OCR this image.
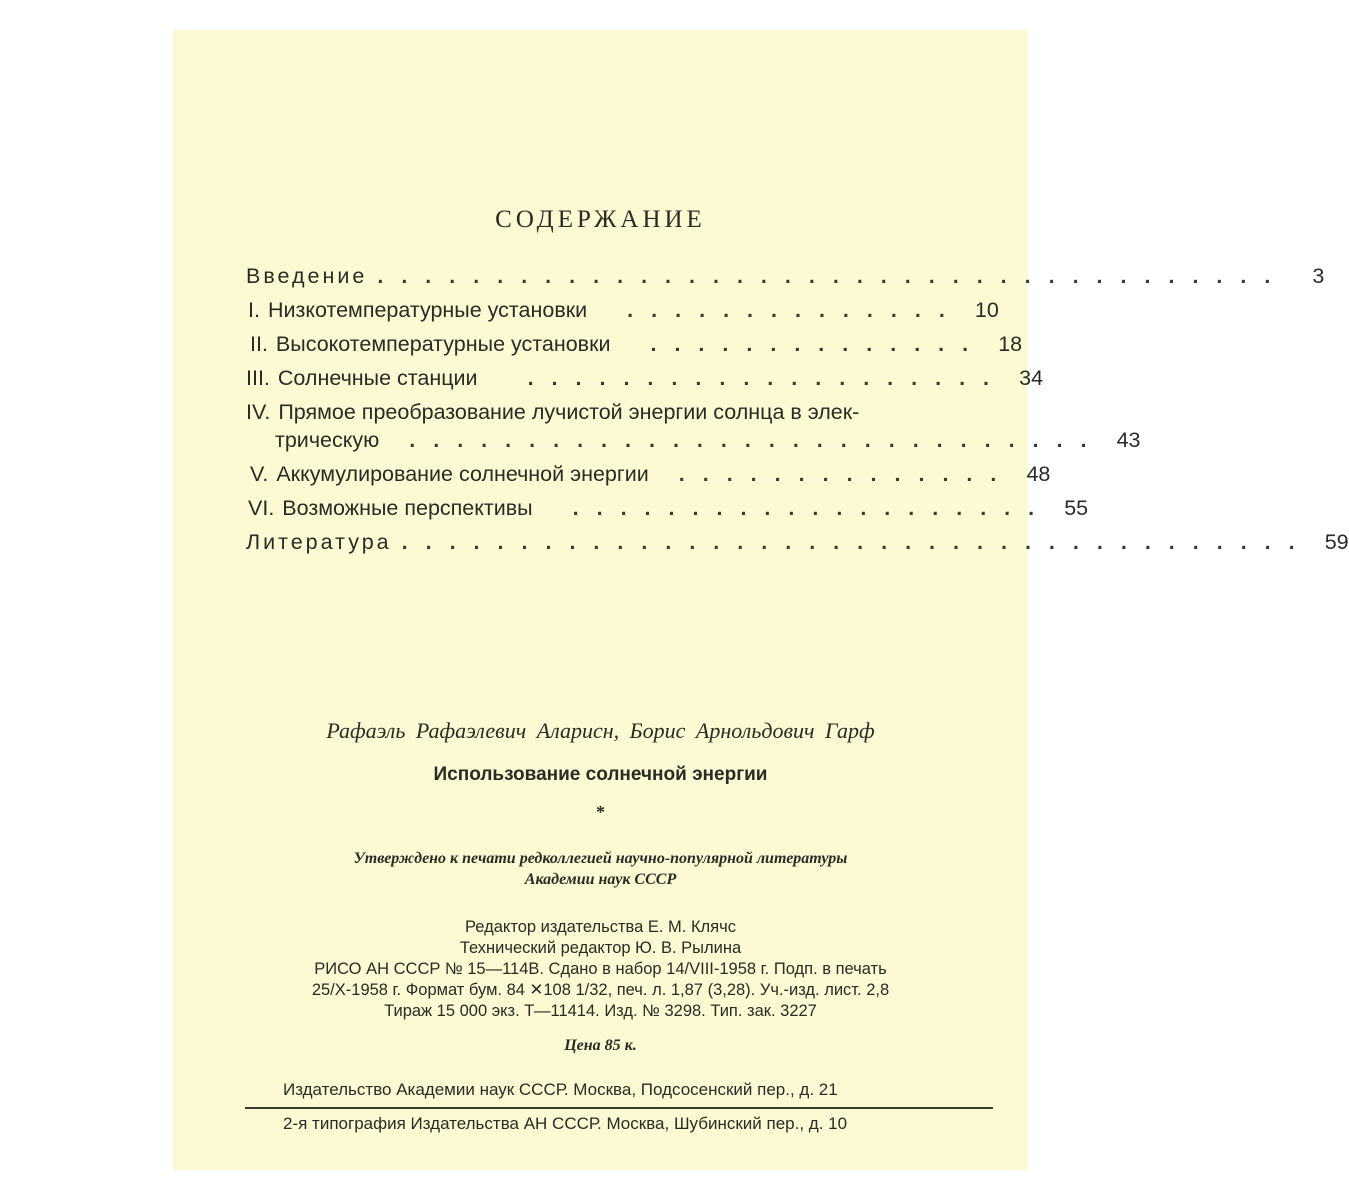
СОДЕРЖАНИЕ
Введение ......................................	3
I. Низкотемпературные установки .............. 10
II. Высокотемпературные установки .............. 18
III. Солнечные станции .................... 34
IV. Прямое преобразование лучистой энергии солнца в элек-
трическую ............................. 43
V. Аккумулирование солнечной энергии .............. 48
VI. Возможные перспективы .................... 55
Литература ...................................... 59
Рафаэль Рафаэлевич Аларисн, Борис Арнольдович Гарф
Использование солнечной энергии
*
Утверждено к печати редколлегией научно-популярной литературы
Академии наук СССР
Редактор издательства Е. М. Клячс
Технический редактор Ю. В. Рылина
РИСО АН СССР № 15—114В. Сдано в набор 14/VIII-1958 г. Подп. в печать
25/X-1958 г. Формат бум. 84 ✕108 1/32, печ. л. 1,87 (3,28). Уч.-изд. лист. 2,8
Тираж 15 000 экз. Т—11414. Изд. № 3298. Тип. зак. 3227
Цена 85 к.
Издательство Академии наук СССР. Москва, Подсосенский пер., д. 21
2-я типография Издательства АН СССР. Москва, Шубинский пер., д. 10
